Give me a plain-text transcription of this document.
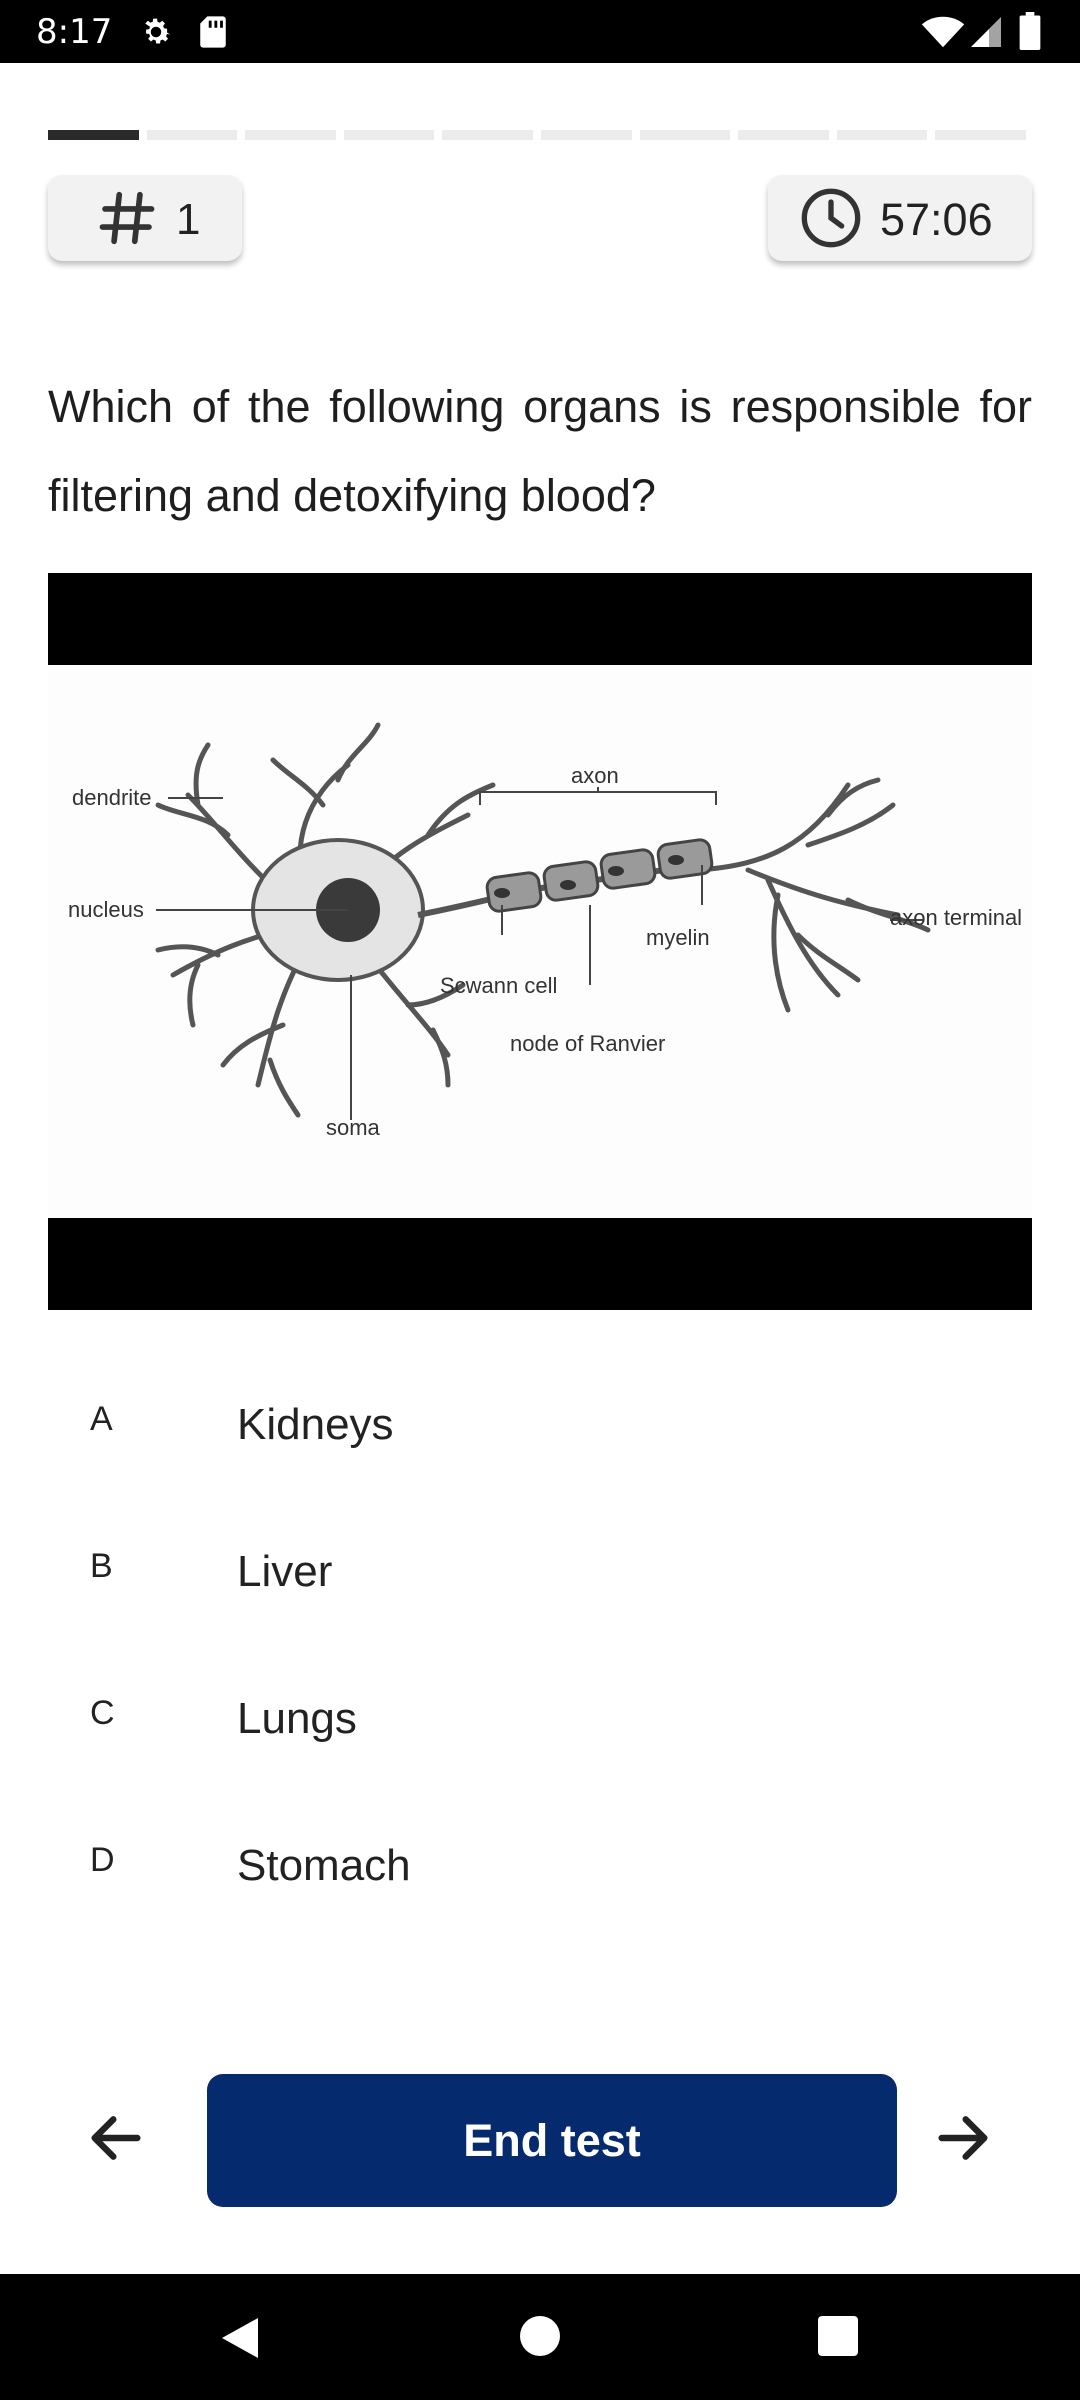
8:17
1	57:06

Which of the following organs is responsible for filtering and detoxifying blood?

dendrite
nucleus
axon
axon terminal
myelin
Scwann cell
node of Ranvier
soma
A	Kidneys
B	Liver
C	Lungs
D	Stomach
End test
